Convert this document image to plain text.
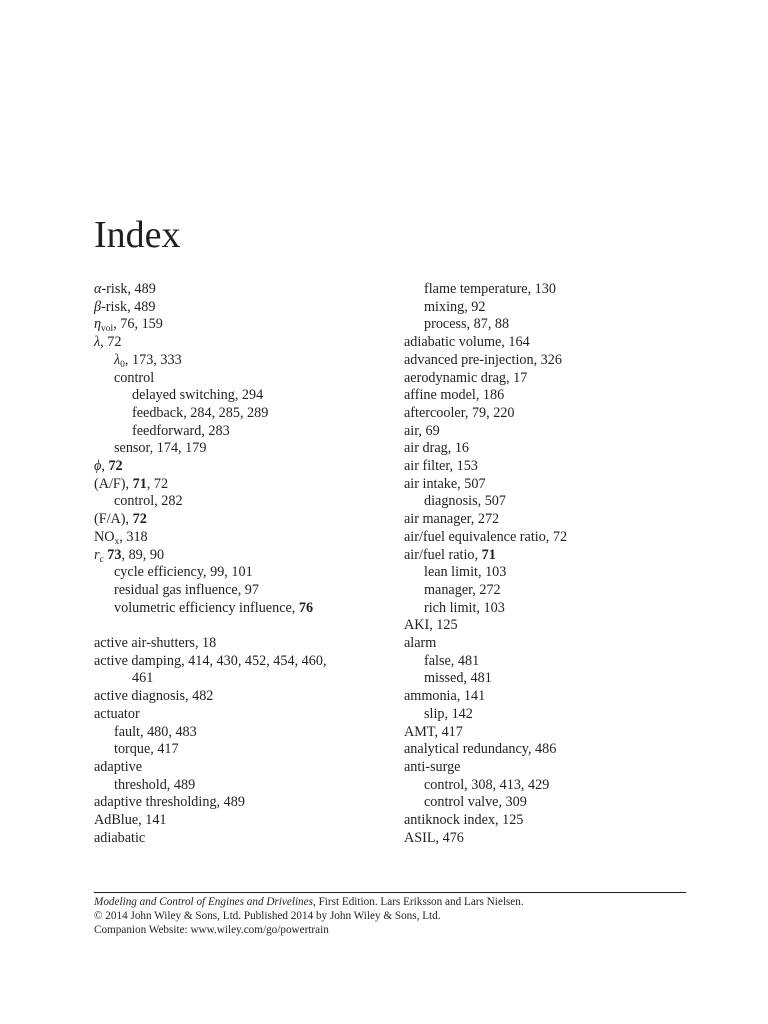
Index
α-risk, 489
β-risk, 489
$\eta_{vol}$, 76, 159
λ, 72
$\lambda_0$, 173, 333
control
delayed switching, 294
feedback, 284, 285, 289
feedforward, 283
sensor, 174, 179
ϕ, 72
(A/F), 71, 72
control, 282
(F/A), 72
$NO_x$, 318
$r_c$ 73, 89, 90
cycle efficiency, 99, 101
residual gas influence, 97
volumetric efficiency influence, 76
active air-shutters, 18
active damping, 414, 430, 452, 454, 460,
461
active diagnosis, 482
actuator
fault, 480, 483
torque, 417
adaptive
threshold, 489
adaptive thresholding, 489
AdBlue, 141
adiabatic
flame temperature, 130
mixing, 92
process, 87, 88
adiabatic volume, 164
advanced pre-injection, 326
aerodynamic drag, 17
affine model, 186
aftercooler, 79, 220
air, 69
air drag, 16
air filter, 153
air intake, 507
diagnosis, 507
air manager, 272
air/fuel equivalence ratio, 72
air/fuel ratio, 71
lean limit, 103
manager, 272
rich limit, 103
AKI, 125
alarm
false, 481
missed, 481
ammonia, 141
slip, 142
AMT, 417
analytical redundancy, 486
anti-surge
control, 308, 413, 429
control valve, 309
antiknock index, 125
ASIL, 476
Modeling and Control of Engines and Drivelines, First Edition. Lars Eriksson and Lars Nielsen.
© 2014 John Wiley & Sons, Ltd. Published 2014 by John Wiley & Sons, Ltd.
Companion Website: www.wiley.com/go/powertrain
